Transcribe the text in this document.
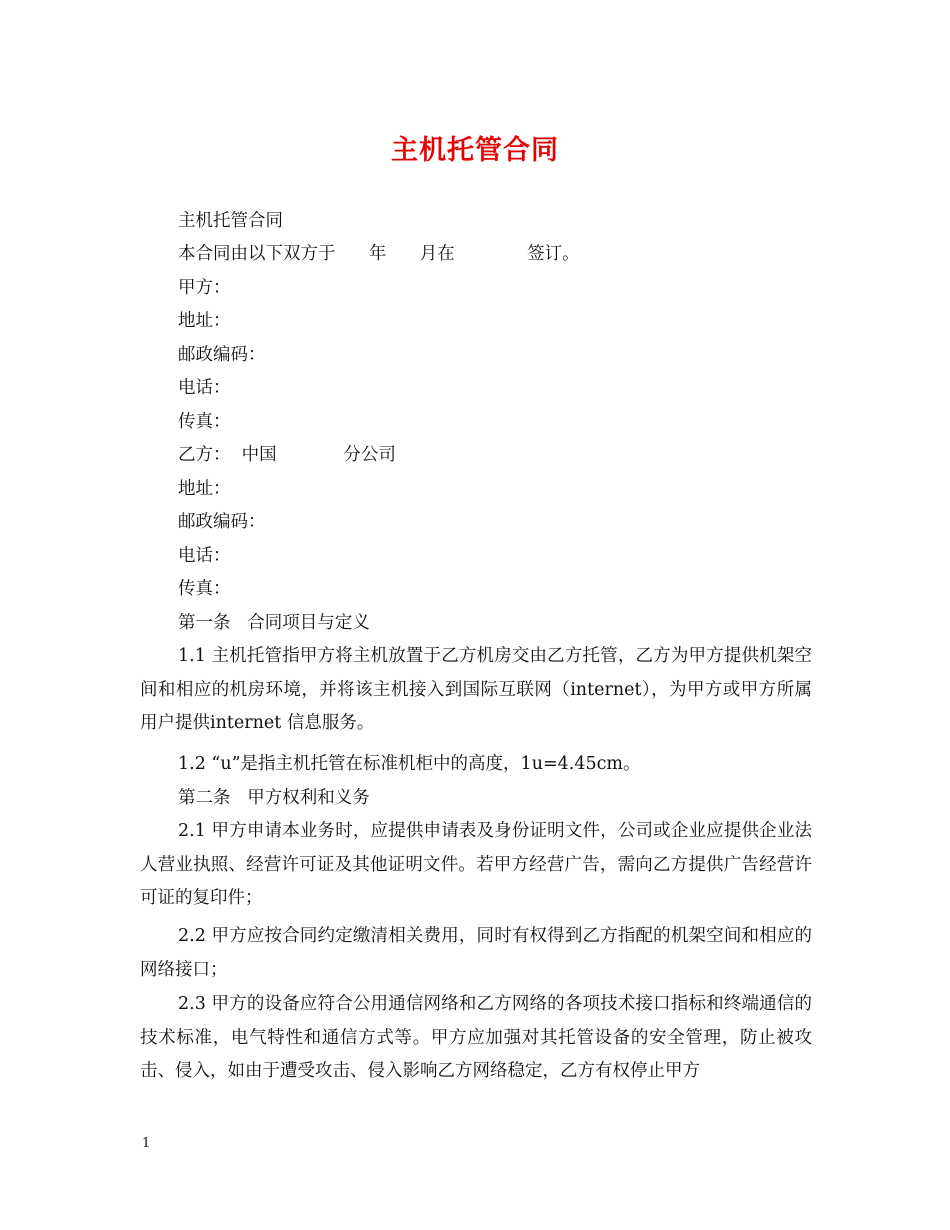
主机托管合同
主机托管合同
本合同由以下双方于      年      月在             签订。
甲方：
地址：
邮政编码：
电话：
传真：
乙方：  中国            分公司
地址：
邮政编码：
电话：
传真：
第一条   合同项目与定义
1.1 主机托管指甲方将主机放置于乙方机房交由乙方托管，乙方为甲方提供机架空间和相应的机房环境，并将该主机接入到国际互联网（internet），为甲方或甲方所属用户提供internet 信息服务。
1.2 “u”是指主机托管在标准机柜中的高度，1u=4.45cm。
第二条   甲方权利和义务
2.1 甲方申请本业务时，应提供申请表及身份证明文件，公司或企业应提供企业法人营业执照、经营许可证及其他证明文件。若甲方经营广告，需向乙方提供广告经营许可证的复印件；
2.2 甲方应按合同约定缴清相关费用，同时有权得到乙方指配的机架空间和相应的网络接口；
2.3 甲方的设备应符合公用通信网络和乙方网络的各项技术接口指标和终端通信的技术标准，电气特性和通信方式等。甲方应加强对其托管设备的安全管理，防止被攻击、侵入，如由于遭受攻击、侵入影响乙方网络稳定，乙方有权停止甲方
1
